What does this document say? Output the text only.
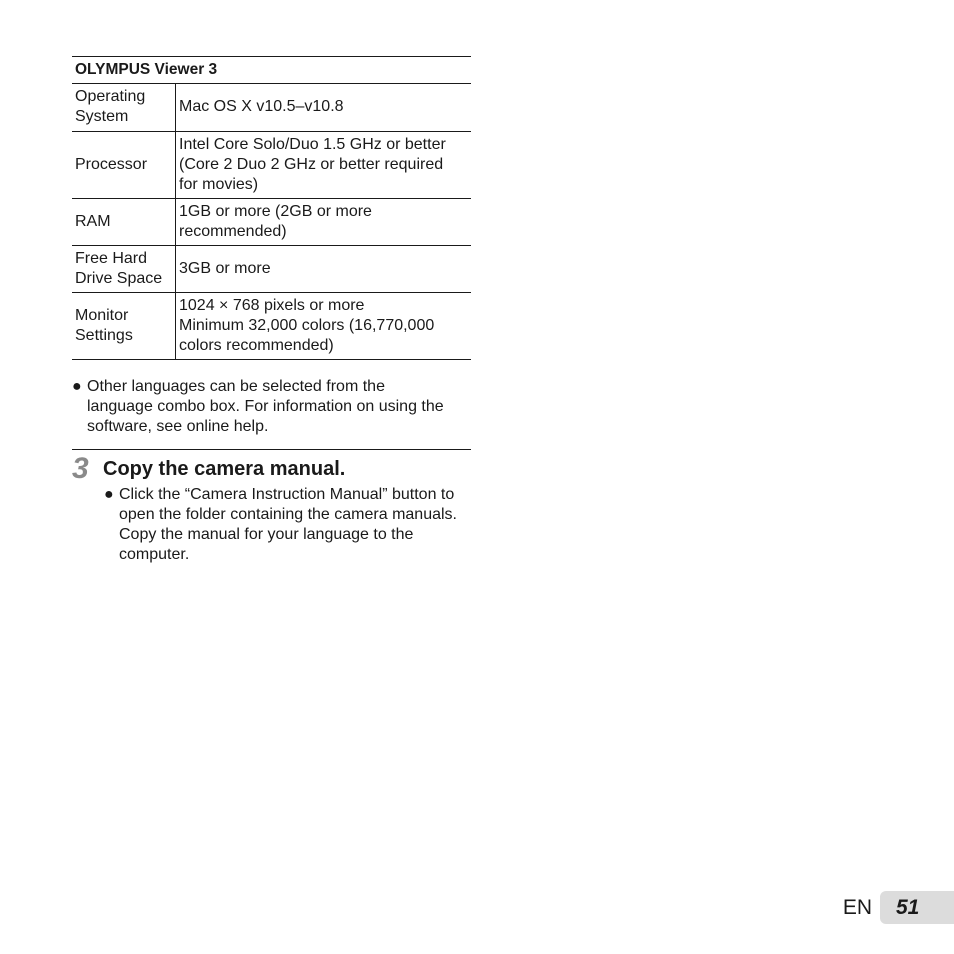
OLYMPUS Viewer 3
Operating
System	Mac OS X v10.5–v10.8
Processor	Intel Core Solo/Duo 1.5 GHz or better
(Core 2 Duo 2 GHz or better required
for movies)
RAM	1GB or more (2GB or more
recommended)
Free Hard
Drive Space	3GB or more
Monitor
Settings	1024 × 768 pixels or more
Minimum 32,000 colors (16,770,000
colors recommended)
● Other languages can be selected from the
language combo box. For information on using the
software, see online help.
3 Copy the camera manual.
● Click the “Camera Instruction Manual” button to
open the folder containing the camera manuals.
Copy the manual for your language to the
computer.
EN	51
